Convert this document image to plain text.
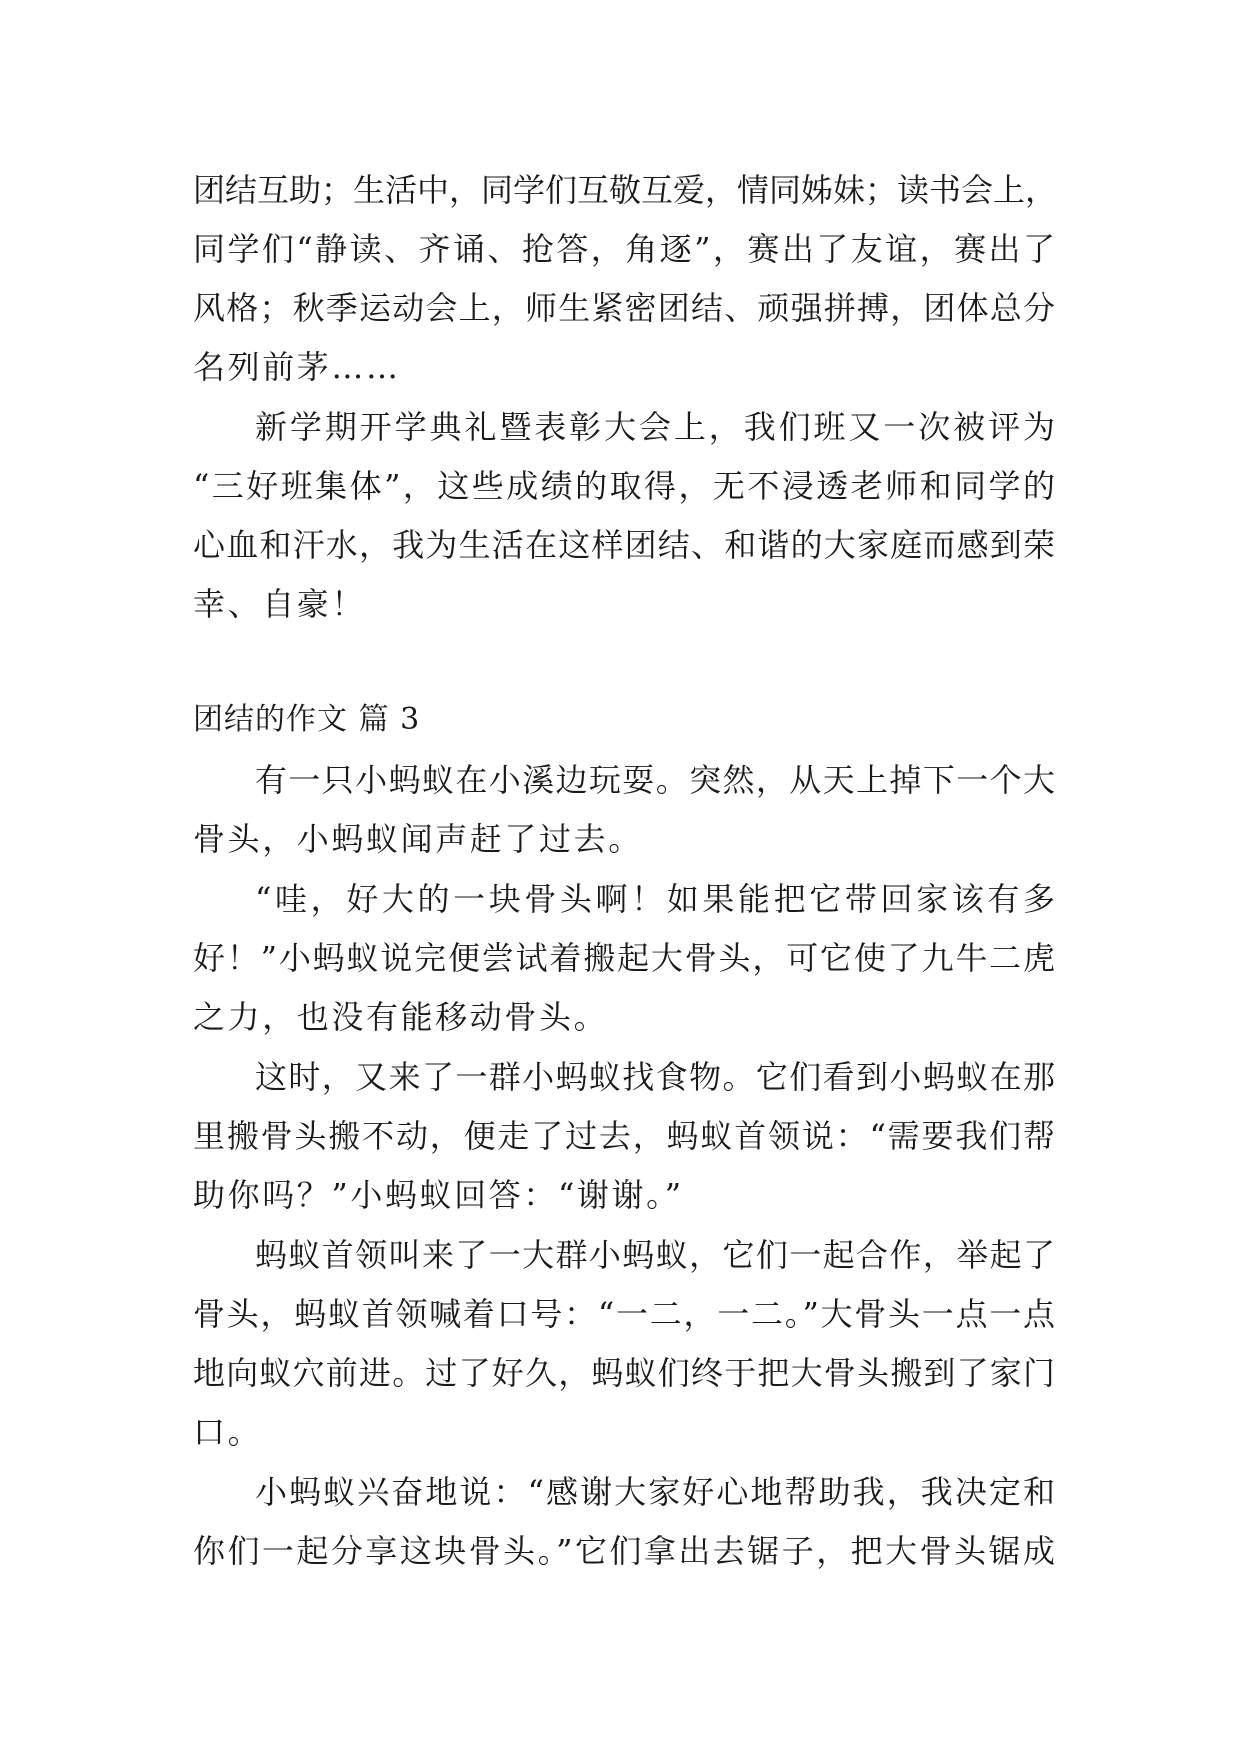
团结互助；生活中，同学们互敬互爱，情同姊妹；读书会上，
同学们“静读、齐诵、抢答，角逐”，赛出了友谊，赛出了
风格；秋季运动会上，师生紧密团结、顽强拼搏，团体总分
名列前茅……
新学期开学典礼暨表彰大会上，我们班又一次被评为
“三好班集体”，这些成绩的取得，无不浸透老师和同学的
心血和汗水，我为生活在这样团结、和谐的大家庭而感到荣
幸、自豪！
团结的作文 篇 3
有一只小蚂蚁在小溪边玩耍。突然，从天上掉下一个大
骨头，小蚂蚁闻声赶了过去。
“哇，好大的一块骨头啊！如果能把它带回家该有多
好！”小蚂蚁说完便尝试着搬起大骨头，可它使了九牛二虎
之力，也没有能移动骨头。
这时，又来了一群小蚂蚁找食物。它们看到小蚂蚁在那
里搬骨头搬不动，便走了过去，蚂蚁首领说：“需要我们帮
助你吗？”小蚂蚁回答：“谢谢。”
蚂蚁首领叫来了一大群小蚂蚁，它们一起合作，举起了
骨头，蚂蚁首领喊着口号：“一二，一二。”大骨头一点一点
地向蚁穴前进。过了好久，蚂蚁们终于把大骨头搬到了家门
口。
小蚂蚁兴奋地说：“感谢大家好心地帮助我，我决定和
你们一起分享这块骨头。”它们拿出去锯子，把大骨头锯成
